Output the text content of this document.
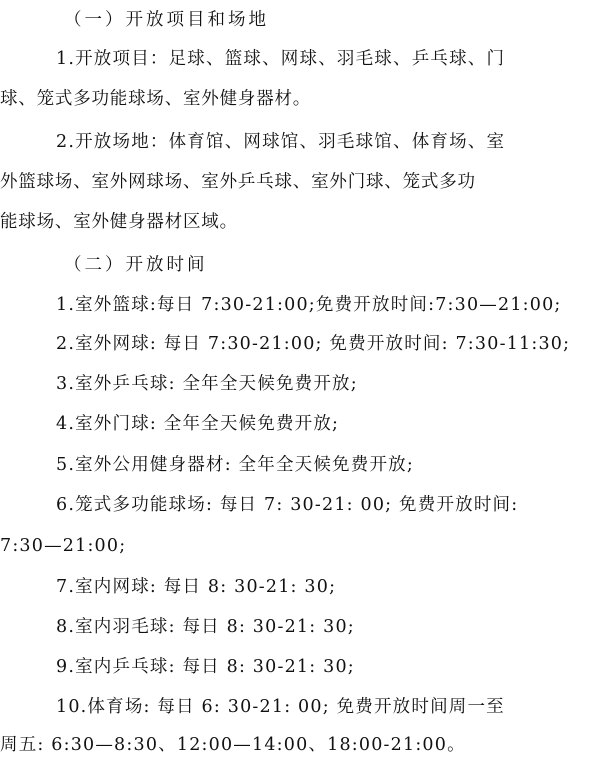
（一）开放项目和场地
1.开放项目：足球、篮球、网球、羽毛球、乒乓球、门
球、笼式多功能球场、室外健身器材。
2.开放场地：体育馆、网球馆、羽毛球馆、体育场、室
外篮球场、室外网球场、室外乒乓球、室外门球、笼式多功
能球场、室外健身器材区域。
（二）开放时间
1.室外篮球:每日 7:30-21:00;免费开放时间:7:30—21:00;
2.室外网球: 每日 7:30-21:00; 免费开放时间: 7:30-11:30;
3.室外乒乓球: 全年全天候免费开放;
4.室外门球: 全年全天候免费开放;
5.室外公用健身器材: 全年全天候免费开放;
6.笼式多功能球场: 每日 7: 30-21: 00; 免费开放时间:
7:30—21:00;
7.室内网球: 每日 8: 30-21: 30;
8.室内羽毛球: 每日 8: 30-21: 30;
9.室内乒乓球: 每日 8: 30-21: 30;
10.体育场: 每日 6: 30-21: 00; 免费开放时间周一至
周五: 6:30—8:30、12:00—14:00、18:00-21:00。
